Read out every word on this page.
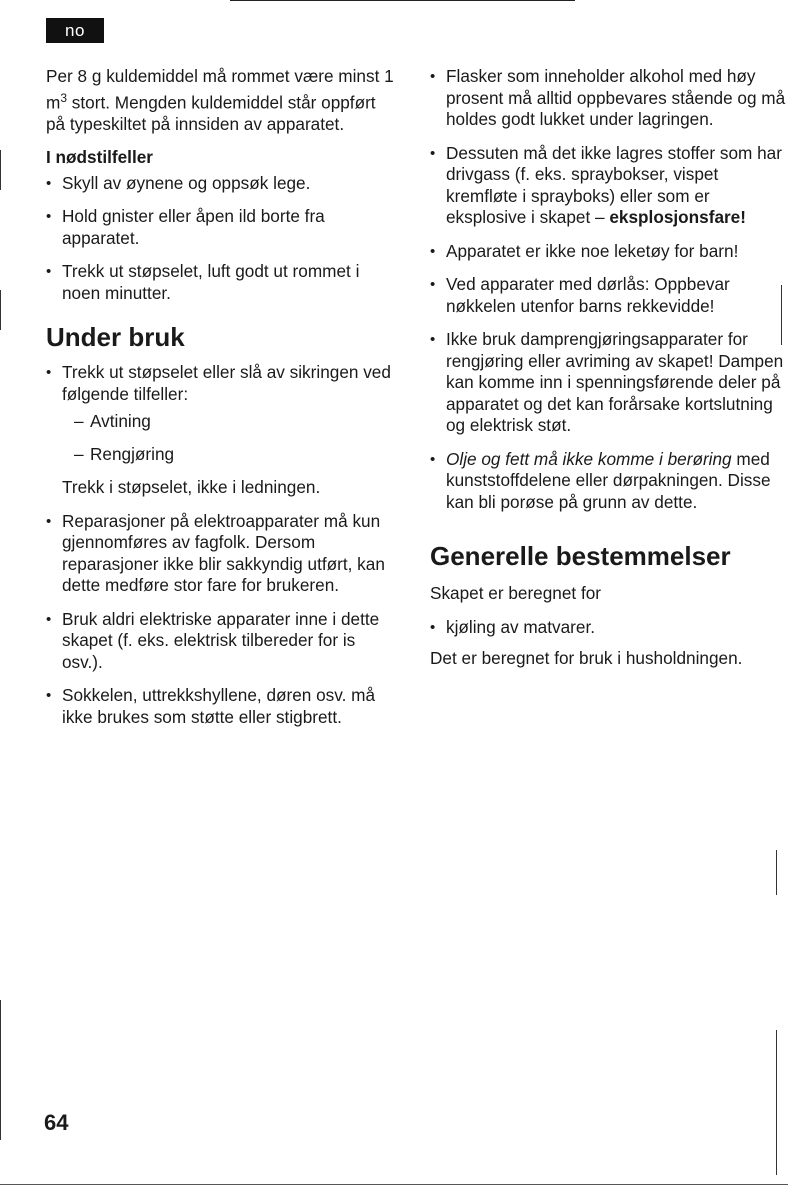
no

Per 8 g kuldemiddel må rommet være minst 1 $m^3$ stort. Mengden kuldemiddel står oppført på typeskiltet på innsiden av apparatet.

I nødstilfeller

• Skyll av øynene og oppsøk lege.
• Hold gnister eller åpen ild borte fra apparatet.
• Trekk ut støpselet, luft godt ut rommet i noen minutter.
Under bruk
• Trekk ut støpselet eller slå av sikringen ved følgende tilfeller:
– Avtining
– Rengjøring

Trekk i støpselet, ikke i ledningen.

• Reparasjoner på elektroapparater må kun gjennomføres av fagfolk. Dersom reparasjoner ikke blir sakkyndig utført, kan dette medføre stor fare for brukeren.
• Bruk aldri elektriske apparater inne i dette skapet (f. eks. elektrisk tilbereder for is osv.).
• Sokkelen, uttrekkshyllene, døren osv. må ikke brukes som støtte eller stigbrett.
• Flasker som inneholder alkohol med høy prosent må alltid oppbevares stående og må holdes godt lukket under lagringen.
• Dessuten må det ikke lagres stoffer som har drivgass (f. eks. spraybokser, vispet kremfløte i sprayboks) eller som er eksplosive i skapet – eksplosjonsfare!
• Apparatet er ikke noe leketøy for barn!
• Ved apparater med dørlås: Oppbevar nøkkelen utenfor barns rekkevidde!
• Ikke bruk damprengjøringsapparater for rengjøring eller avriming av skapet! Dampen kan komme inn i spenningsførende deler på apparatet og det kan forårsake kortslutning og elektrisk støt.
• Olje og fett må ikke komme i berøring med kunststoffdelene eller dørpakningen. Disse kan bli porøse på grunn av dette.
Generelle bestemmelser

Skapet er beregnet for

• kjøling av matvarer.

Det er beregnet for bruk i husholdningen.

64
